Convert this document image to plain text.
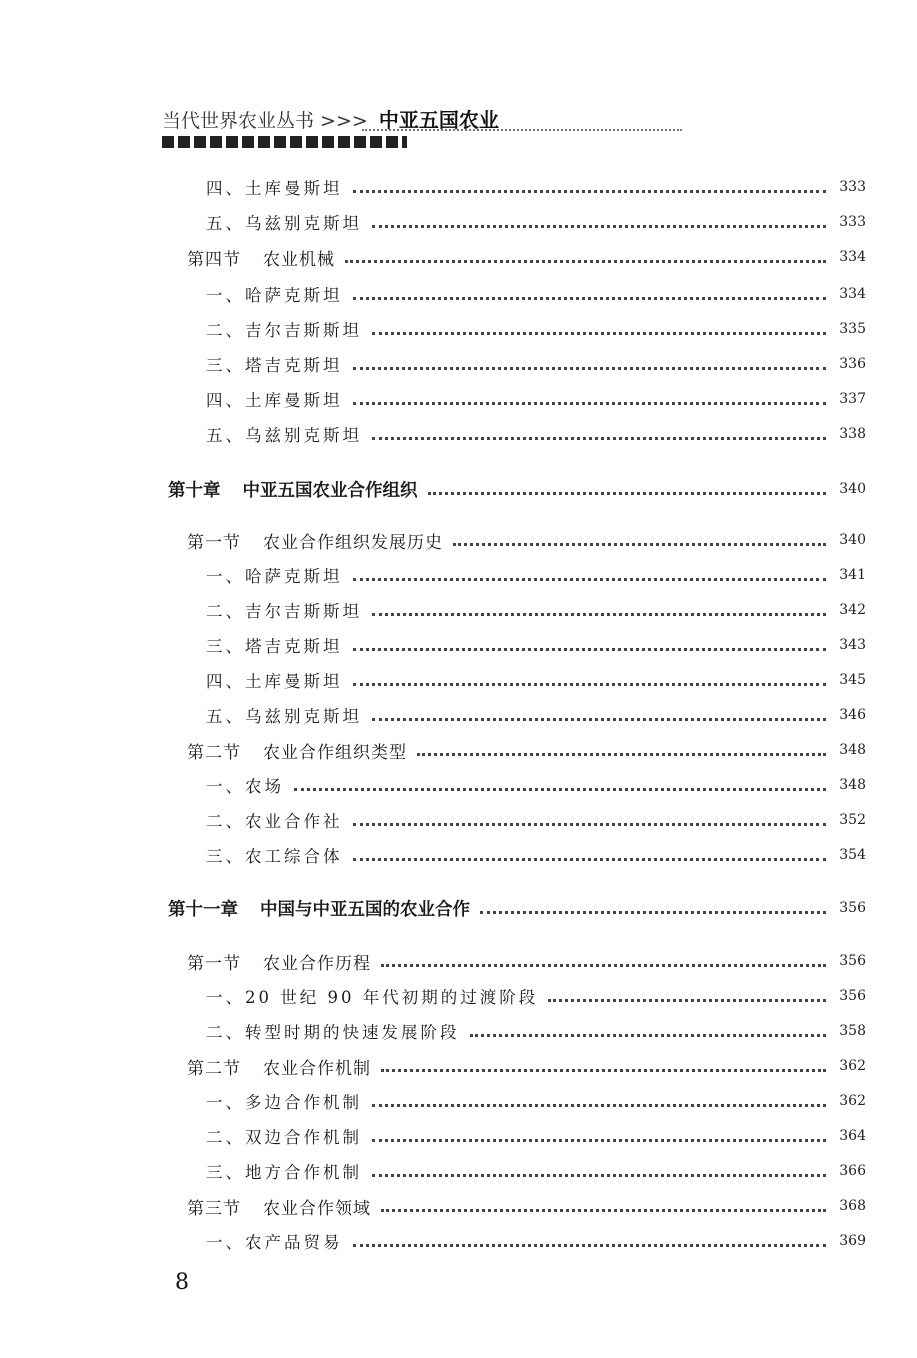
当代世界农业丛书 >>> 中亚五国农业
四、土库曼斯坦	333
五、乌兹别克斯坦	333
第四节 农业机械	334
一、哈萨克斯坦	334
二、吉尔吉斯斯坦	335
三、塔吉克斯坦	336
四、土库曼斯坦	337
五、乌兹别克斯坦	338
第十章 中亚五国农业合作组织	340
第一节 农业合作组织发展历史	340
一、哈萨克斯坦	341
二、吉尔吉斯斯坦	342
三、塔吉克斯坦	343
四、土库曼斯坦	345
五、乌兹别克斯坦	346
第二节 农业合作组织类型	348
一、农场	348
二、农业合作社	352
三、农工综合体	354
第十一章 中国与中亚五国的农业合作	356
第一节 农业合作历程	356
一、20 世纪 90 年代初期的过渡阶段	356
二、转型时期的快速发展阶段	358
第二节 农业合作机制	362
一、多边合作机制	362
二、双边合作机制	364
三、地方合作机制	366
第三节 农业合作领域	368
一、农产品贸易	369
8
